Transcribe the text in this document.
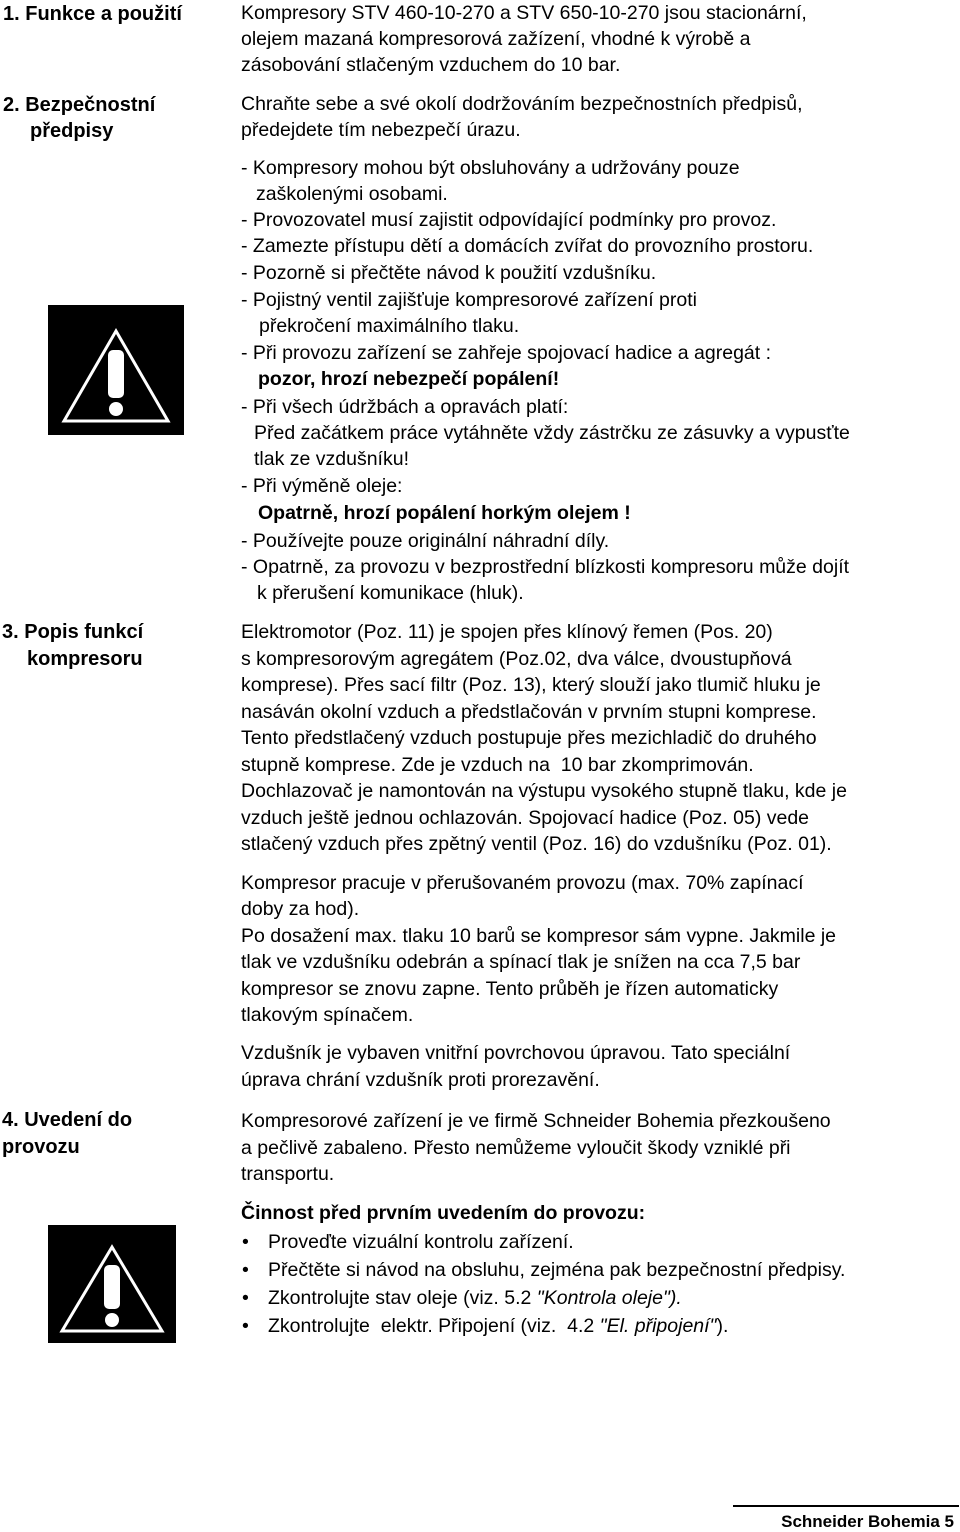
1. Funkce a použití
2. Bezpečnostní
předpisy
3. Popis funkcí
kompresoru
4. Uvedení do
provozu
Kompresory STV 460-10-270 a STV 650-10-270 jsou stacionární,
olejem mazaná kompresorová zažízení, vhodné k výrobě a
zásobování stlačeným vzduchem do 10 bar.
Chraňte sebe a své okolí dodržováním bezpečnostních předpisů,
předejdete tím nebezpečí úrazu.
- Kompresory mohou být obsluhovány a udržovány pouze
zaškolenými osobami.
- Provozovatel musí zajistit odpovídající podmínky pro provoz.
- Zamezte přístupu dětí a domácích zvířat do provozního prostoru.
- Pozorně si přečtěte návod k použití vzdušníku.
- Pojistný ventil zajišťuje kompresorové zařízení proti
překročení maximálního tlaku.
- Při provozu zařízení se zahřeje spojovací hadice a agregát :
pozor, hrozí nebezpečí popálení!
- Při všech údržbách a opravách platí:
Před začátkem práce vytáhněte vždy zástrčku ze zásuvky a vypusťte
tlak ze vzdušníku!
- Při výměně oleje:
Opatrně, hrozí popálení horkým olejem !
- Používejte pouze originální náhradní díly.
- Opatrně, za provozu v bezprostřední blízkosti kompresoru může dojít
k přerušení komunikace (hluk).
Elektromotor (Poz. 11) je spojen přes klínový řemen (Pos. 20)
s kompresorovým agregátem (Poz.02, dva válce, dvoustupňová
komprese). Přes sací filtr (Poz. 13), který slouží jako tlumič hluku je
nasáván okolní vzduch a předstlačován v prvním stupni komprese.
Tento předstlačený vzduch postupuje přes mezichladič do druhého
stupně komprese. Zde je vzduch na  10 bar zkomprimován.
Dochlazovač je namontován na výstupu vysokého stupně tlaku, kde je
vzduch ještě jednou ochlazován. Spojovací hadice (Poz. 05) vede
stlačený vzduch přes zpětný ventil (Poz. 16) do vzdušníku (Poz. 01).
Kompresor pracuje v přerušovaném provozu (max. 70% zapínací
doby za hod).
Po dosažení max. tlaku 10 barů se kompresor sám vypne. Jakmile je
tlak ve vzdušníku odebrán a spínací tlak je snížen na cca 7,5 bar
kompresor se znovu zapne. Tento průběh je řízen automaticky
tlakovým spínačem.
Vzdušník je vybaven vnitřní povrchovou úpravou. Tato speciální
úprava chrání vzdušník proti prorezavění.
Kompresorové zařízení je ve firmě Schneider Bohemia přezkoušeno
a pečlivě zabaleno. Přesto nemůžeme vyloučit škody vzniklé při
transportu.
Činnost před prvním uvedením do provozu:
• Proveďte vizuální kontrolu zařízení.
• Přečtěte si návod na obsluhu, zejména pak bezpečnostní předpisy.
• Zkontrolujte stav oleje (viz. 5.2 "Kontrola oleje").
• Zkontrolujte  elektr. Připojení (viz.  4.2 "El. připojení").
Schneider Bohemia 5
